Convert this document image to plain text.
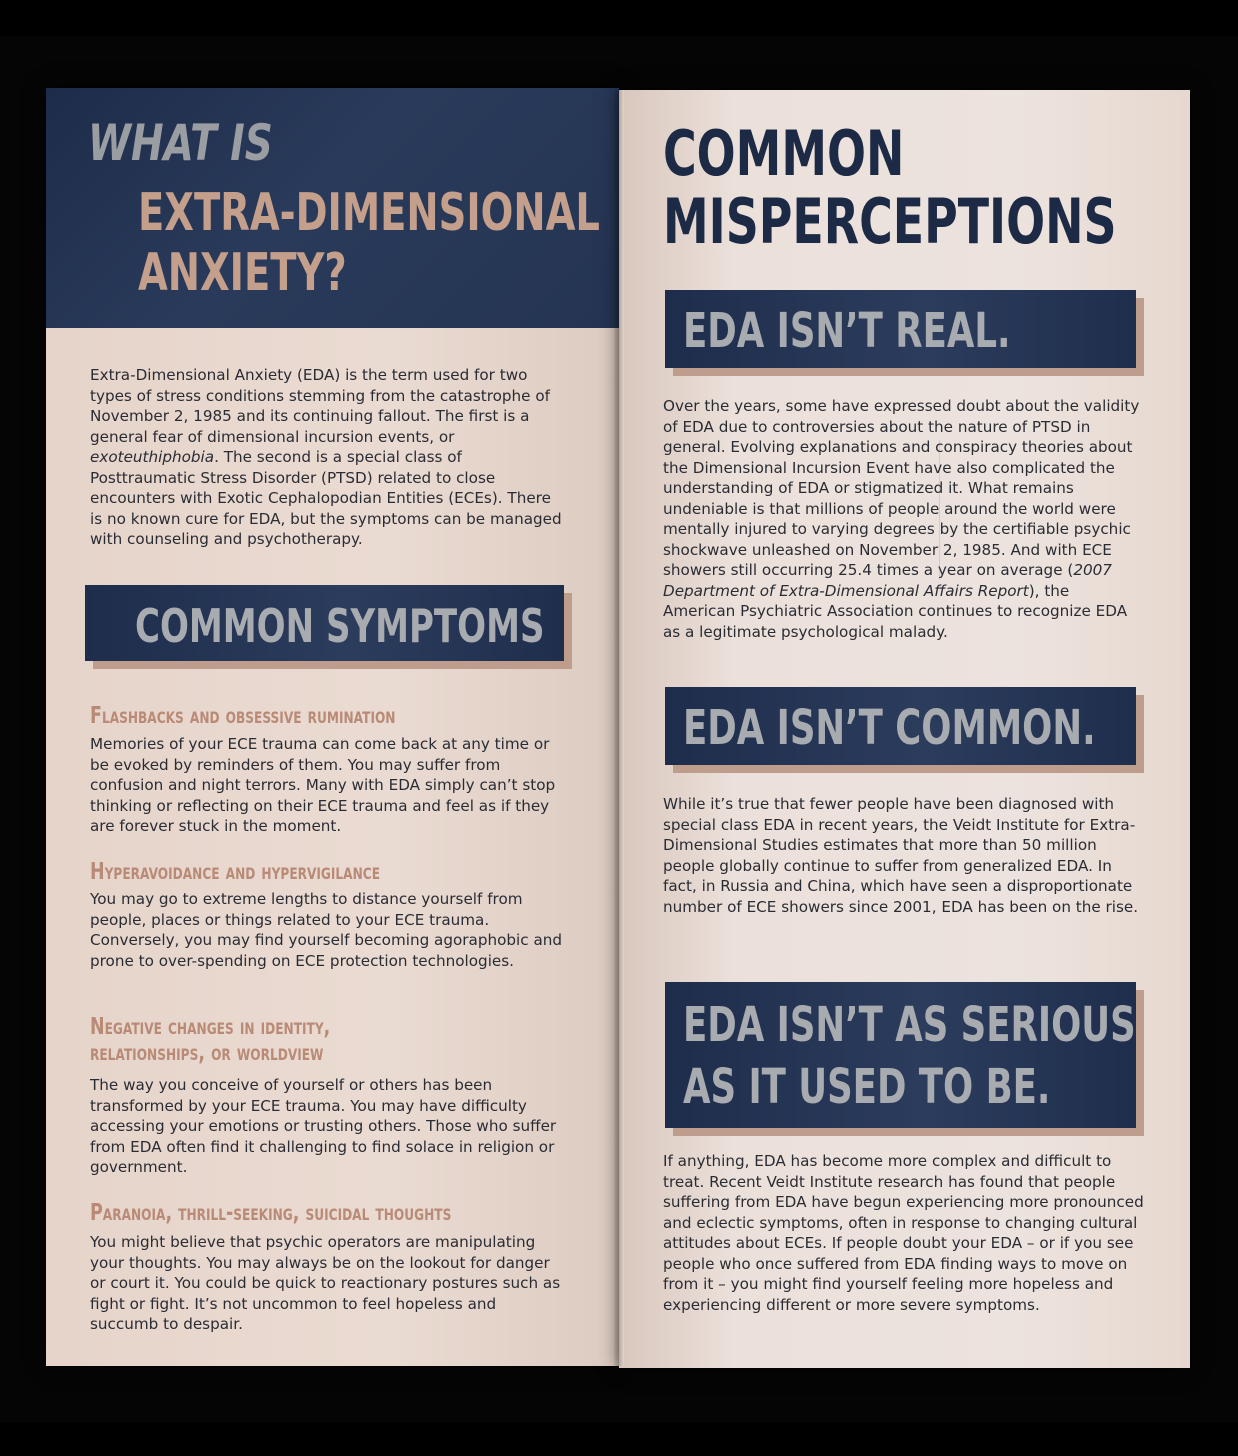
WHAT IS
EXTRA-DIMENSIONAL
ANXIETY?

Extra-Dimensional Anxiety (EDA) is the term used for two types of stress conditions stemming from the catastrophe of November 2, 1985 and its continuing fallout. The first is a general fear of dimensional incursion events, or exoteuthiphobia. The second is a special class of Posttraumatic Stress Disorder (PTSD) related to close encounters with Exotic Cephalopodian Entities (ECEs). There is no known cure for EDA, but the symptoms can be managed with counseling and psychotherapy.

COMMON SYMPTOMS

Flashbacks and obsessive rumination

Memories of your ECE trauma can come back at any time or be evoked by reminders of them. You may suffer from confusion and night terrors. Many with EDA simply can’t stop thinking or reflecting on their ECE trauma and feel as if they are forever stuck in the moment.

Hyperavoidance and hypervigilance

You may go to extreme lengths to distance yourself from people, places or things related to your ECE trauma. Conversely, you may find yourself becoming agoraphobic and prone to over-spending on ECE protection technologies.

Negative changes in identity,

relationships, or worldview

The way you conceive of yourself or others has been transformed by your ECE trauma. You may have difficulty accessing your emotions or trusting others. Those who suffer from EDA often find it challenging to find solace in religion or government.

Paranoia, thrill-seeking, suicidal thoughts

You might believe that psychic operators are manipulating your thoughts. You may always be on the lookout for danger or court it. You could be quick to reactionary postures such as fight or fight. It’s not uncommon to feel hopeless and succumb to despair.

COMMON
MISPERCEPTIONS
EDA ISN’T REAL.

Over the years, some have expressed doubt about the validity of EDA due to controversies about the nature of PTSD in general. Evolving explanations and conspiracy theories about the Dimensional Incursion Event have also complicated the understanding of EDA or stigmatized it. What remains undeniable is that millions of people around the world were mentally injured to varying degrees by the certifiable psychic shockwave unleashed on November 2, 1985. And with ECE showers still occurring 25.4 times a year on average (2007 Department of Extra-Dimensional Affairs Report), the American Psychiatric Association continues to recognize EDA as a legitimate psychological malady.

EDA ISN’T COMMON.

While it’s true that fewer people have been diagnosed with special class EDA in recent years, the Veidt Institute for Extra-Dimensional Studies estimates that more than 50 million people globally continue to suffer from generalized EDA. In fact, in Russia and China, which have seen a disproportionate number of ECE showers since 2001, EDA has been on the rise.

EDA ISN’T AS SERIOUS
AS IT USED TO BE.

If anything, EDA has become more complex and difficult to treat. Recent Veidt Institute research has found that people suffering from EDA have begun experiencing more pronounced and eclectic symptoms, often in response to changing cultural attitudes about ECEs. If people doubt your EDA – or if you see people who once suffered from EDA finding ways to move on from it – you might find yourself feeling more hopeless and experiencing different or more severe symptoms.
